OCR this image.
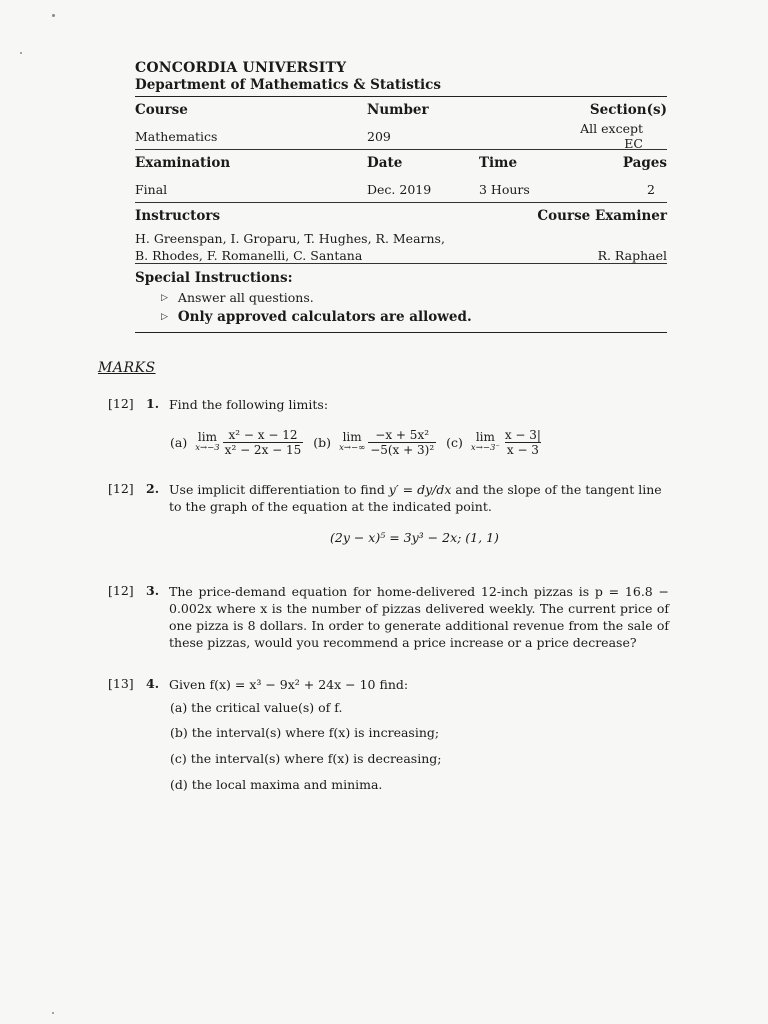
CONCORDIA UNIVERSITY
Department of Mathematics & Statistics
Course	Number	Section(s)
Mathematics	209	All except EC
Examination	Date	Time	Pages
Final	Dec. 2019	3 Hours	2
Instructors	Course Examiner
H. Greenspan, I. Groparu, T. Hughes, R. Mearns,
B. Rhodes, F. Romanelli, C. Santana	R. Raphael
Special Instructions:
▷ Answer all questions.
▷ Only approved calculators are allowed.
MARKS
[12] 1. Find the following limits:
(a) lim
$x\to-3 \frac{\text{x² − x − 12}}{\text{x² − 2x − 15}} (b)$ lim
$x\to-\infty \frac{\text{−x + 5x²}}{\text{−5(x + 3)²}} (c)$ lim
$x\to-3^- \frac{x - 3|}{x - 3}$
[12] 2. Use implicit differentiation to find y′ = dy/dx and the slope of the tangent line to the graph of the equation at the indicated point.
(2y − x)⁵ = 3y³ − 2x; (1, 1)
[12] 3. The price-demand equation for home-delivered 12-inch pizzas is p = 16.8 − 0.002x where x is the number of pizzas delivered weekly. The current price of one pizza is 8 dollars. In order to generate additional revenue from the sale of these pizzas, would you recommend a price increase or a price decrease?
[13] 4. Given f(x) = x³ − 9x² + 24x − 10 find:
(a) the critical value(s) of f.
(b) the interval(s) where f(x) is increasing;
(c) the interval(s) where f(x) is decreasing;
(d) the local maxima and minima.
